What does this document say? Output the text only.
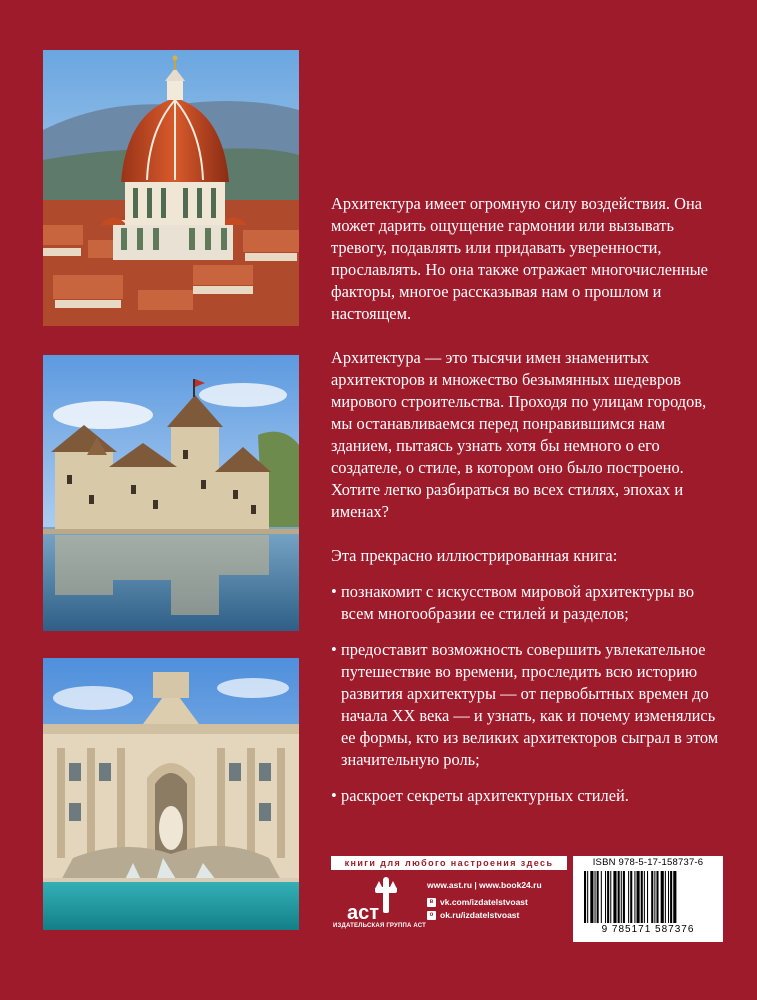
Архитектура имеет огромную силу воздействия. Она может дарить ощущение гармонии или вызывать тревогу, подавлять или придавать уверенности, прославлять. Но она также отражает многочисленные факторы, многое рассказывая нам о прошлом и настоящем.

Архитектура — это тысячи имен знаменитых архитекторов и множество безымянных шедевров мирового строительства. Проходя по улицам городов, мы останавливаемся перед понравившимся нам зданием, пытаясь узнать хотя бы немного о его создателе, о стиле, в котором оно было построено. Хотите легко разбираться во всех стилях, эпохах и именах?

Эта прекрасно иллюстрированная книга:

• познакомит с искусством мировой архитектуры во всем многообразии ее стилей и разделов;
• предоставит возможность совершить увлекательное путешествие во времени, проследить всю историю развития архитектуры — от первобытных времен до начала XX века — и узнать, как и почему изменялись ее формы, кто из великих архитекторов сыграл в этом значительную роль;
• раскроет секреты архитектурных стилей.
книги для любого настроения здесь
аст
ИЗДАТЕЛЬСКАЯ ГРУППА АСТ
www.ast.ru | www.book24.ru
в vk.com/izdatelstvoast
о ok.ru/izdatelstvoast
ISBN 978-5-17-158737-6
9 785171 587376
